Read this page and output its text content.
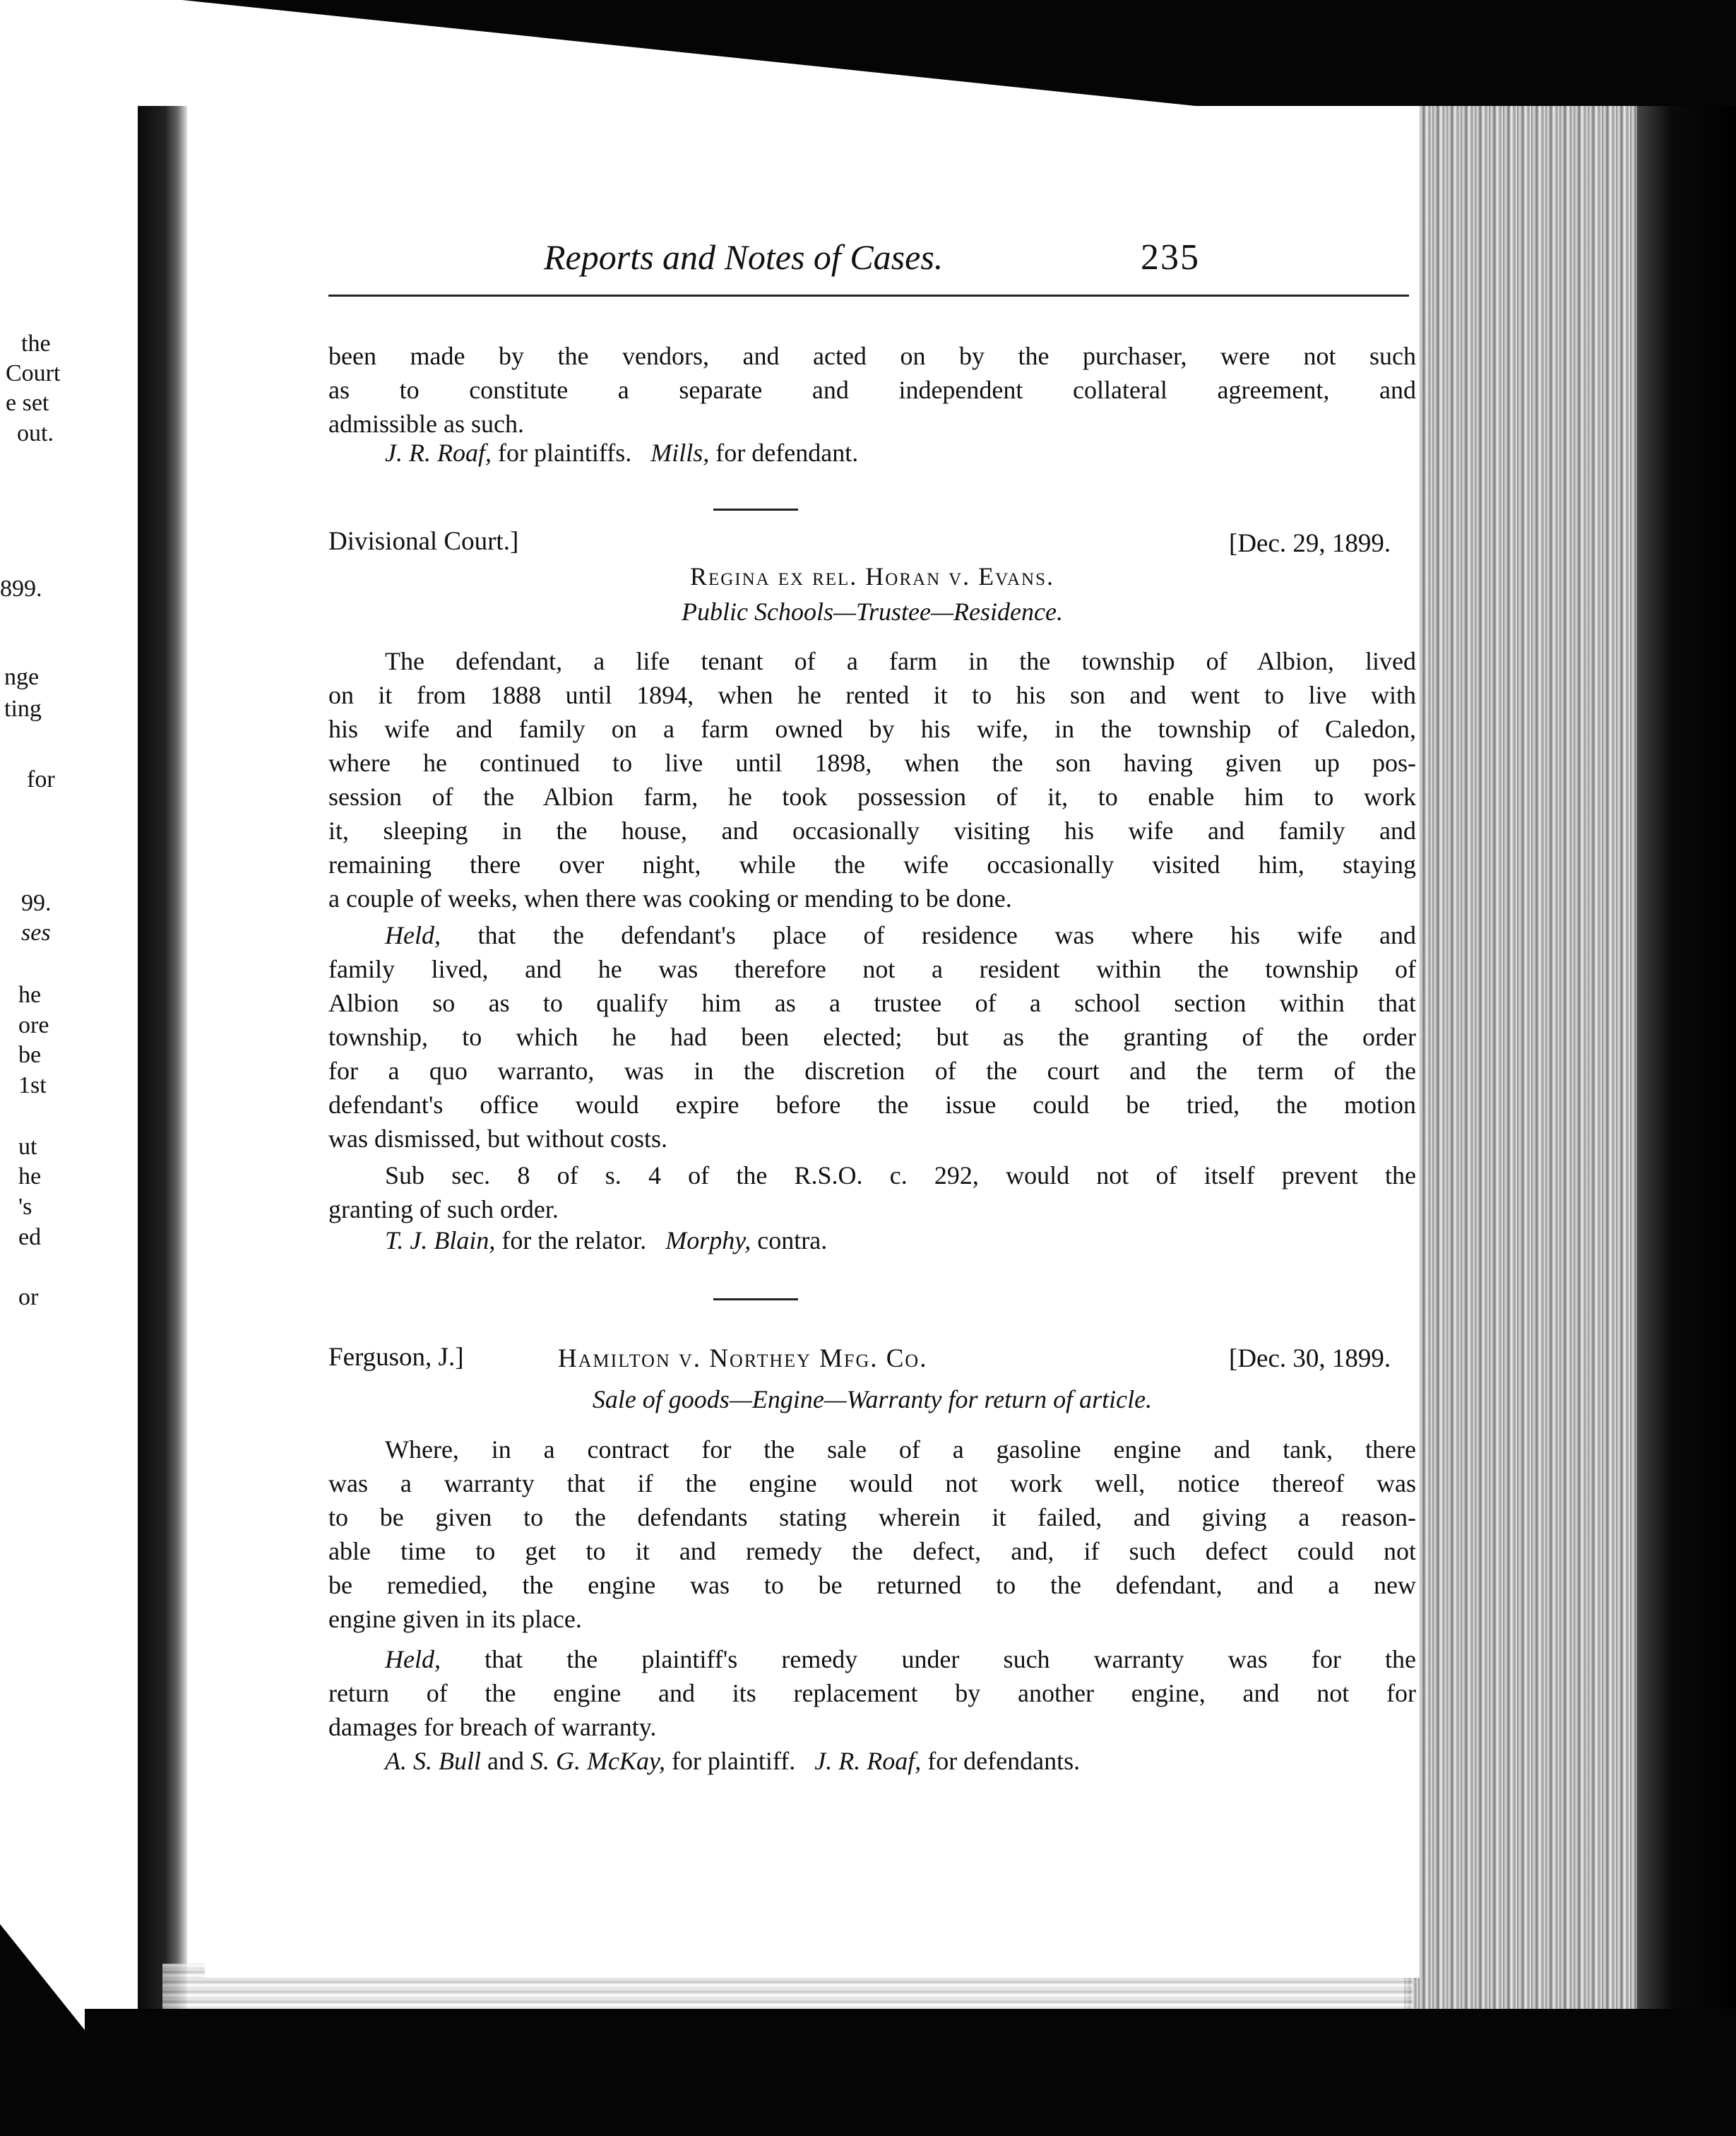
the
Court
e set
out.
899.
nge
ting
for
99.
ses
he
ore
be
1st
ut
he
's
ed
or
Reports and Notes of Cases.	235
been made by the vendors, and acted on by the purchaser, were not such
as to constitute a separate and independent collateral agreement, and
admissible as such.
J. R. Roaf, for plaintiffs. Mills, for defendant.
Divisional Court.]	[Dec. 29, 1899.
Regina ex rel. Horan v. Evans.
Public Schools—Trustee—Residence.
The defendant, a life tenant of a farm in the township of Albion, lived
on it from 1888 until 1894, when he rented it to his son and went to live with
his wife and family on a farm owned by his wife, in the township of Caledon,
where he continued to live until 1898, when the son having given up pos-
session of the Albion farm, he took possession of it, to enable him to work
it, sleeping in the house, and occasionally visiting his wife and family and
remaining there over night, while the wife occasionally visited him, staying
a couple of weeks, when there was cooking or mending to be done.
Held, that the defendant's place of residence was where his wife and
family lived, and he was therefore not a resident within the township of
Albion so as to qualify him as a trustee of a school section within that
township, to which he had been elected; but as the granting of the order
for a quo warranto, was in the discretion of the court and the term of the
defendant's office would expire before the issue could be tried, the motion
was dismissed, but without costs.
Sub sec. 8 of s. 4 of the R.S.O. c. 292, would not of itself prevent the
granting of such order.
T. J. Blain, for the relator. Morphy, contra.
Ferguson, J.]	Hamilton v. Northey Mfg. Co.	[Dec. 30, 1899.
Sale of goods—Engine—Warranty for return of article.
Where, in a contract for the sale of a gasoline engine and tank, there
was a warranty that if the engine would not work well, notice thereof was
to be given to the defendants stating wherein it failed, and giving a reason-
able time to get to it and remedy the defect, and, if such defect could not
be remedied, the engine was to be returned to the defendant, and a new
engine given in its place.
Held, that the plaintiff's remedy under such warranty was for the
return of the engine and its replacement by another engine, and not for
damages for breach of warranty.
A. S. Bull and S. G. McKay, for plaintiff. J. R. Roaf, for defendants.
